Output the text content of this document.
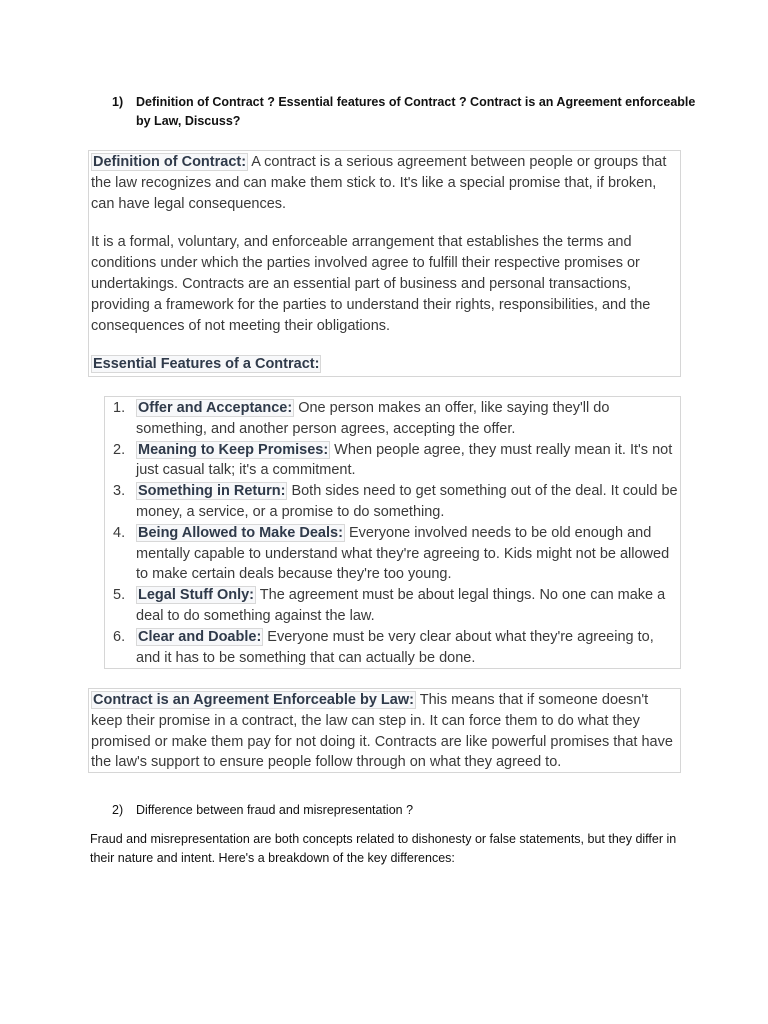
1) Definition of Contract ? Essential features of Contract ? Contract is an Agreement enforceable by Law, Discuss?

Definition of Contract: A contract is a serious agreement between people or groups that the law recognizes and can make them stick to. It's like a special promise that, if broken, can have legal consequences.

It is a formal, voluntary, and enforceable arrangement that establishes the terms and conditions under which the parties involved agree to fulfill their respective promises or undertakings. Contracts are an essential part of business and personal transactions, providing a framework for the parties to understand their rights, responsibilities, and the consequences of not meeting their obligations.

Essential Features of a Contract:

1. Offer and Acceptance: One person makes an offer, like saying they'll do something, and another person agrees, accepting the offer.
2. Meaning to Keep Promises: When people agree, they must really mean it. It's not just casual talk; it's a commitment.
3. Something in Return: Both sides need to get something out of the deal. It could be money, a service, or a promise to do something.
4. Being Allowed to Make Deals: Everyone involved needs to be old enough and mentally capable to understand what they're agreeing to. Kids might not be allowed to make certain deals because they're too young.
5. Legal Stuff Only: The agreement must be about legal things. No one can make a deal to do something against the law.
6. Clear and Doable: Everyone must be very clear about what they're agreeing to, and it has to be something that can actually be done.

Contract is an Agreement Enforceable by Law: This means that if someone doesn't keep their promise in a contract, the law can step in. It can force them to do what they promised or make them pay for not doing it. Contracts are like powerful promises that have the law's support to ensure people follow through on what they agreed to.

2) Difference between fraud and misrepresentation ?
Fraud and misrepresentation are both concepts related to dishonesty or false statements, but they differ in their nature and intent. Here's a breakdown of the key differences:
